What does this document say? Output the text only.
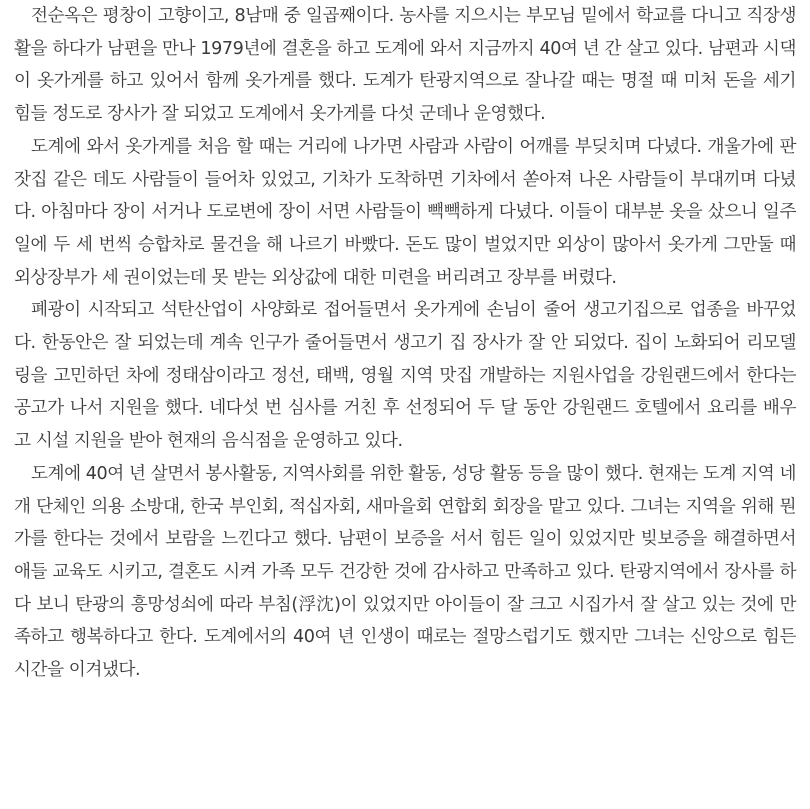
전순옥은 평창이 고향이고, 8남매 중 일곱째이다. 농사를 지으시는 부모님 밑에서 학교를 다니고 직장생활을 하다가 남편을 만나 1979년에 결혼을 하고 도계에 와서 지금까지 40여 년 간 살고 있다. 남편과 시댁이 옷가게를 하고 있어서 함께 옷가게를 했다. 도계가 탄광지역으로 잘나갈 때는 명절 때 미처 돈을 세기 힘들 정도로 장사가 잘 되었고 도계에서 옷가게를 다섯 군데나 운영했다.

도계에 와서 옷가게를 처음 할 때는 거리에 나가면 사람과 사람이 어깨를 부딪치며 다녔다. 개울가에 판잣집 같은 데도 사람들이 들어차 있었고, 기차가 도착하면 기차에서 쏟아져 나온 사람들이 부대끼며 다녔다. 아침마다 장이 서거나 도로변에 장이 서면 사람들이 빽빽하게 다녔다. 이들이 대부분 옷을 샀으니 일주일에 두 세 번씩 승합차로 물건을 해 나르기 바빴다. 돈도 많이 벌었지만 외상이 많아서 옷가게 그만둘 때 외상장부가 세 권이었는데 못 받는 외상값에 대한 미련을 버리려고 장부를 버렸다.

폐광이 시작되고 석탄산업이 사양화로 접어들면서 옷가게에 손님이 줄어 생고기집으로 업종을 바꾸었다. 한동안은 잘 되었는데 계속 인구가 줄어들면서 생고기 집 장사가 잘 안 되었다. 집이 노화되어 리모델링을 고민하던 차에 정태삼이라고 정선, 태백, 영월 지역 맛집 개발하는 지원사업을 강원랜드에서 한다는 공고가 나서 지원을 했다. 네다섯 번 심사를 거친 후 선정되어 두 달 동안 강원랜드 호텔에서 요리를 배우고 시설 지원을 받아 현재의 음식점을 운영하고 있다.

도계에 40여 년 살면서 봉사활동, 지역사회를 위한 활동, 성당 활동 등을 많이 했다. 현재는 도계 지역 네 개 단체인 의용 소방대, 한국 부인회, 적십자회, 새마을회 연합회 회장을 맡고 있다. 그녀는 지역을 위해 뭔가를 한다는 것에서 보람을 느낀다고 했다. 남편이 보증을 서서 힘든 일이 있었지만 빚보증을 해결하면서 애들 교육도 시키고, 결혼도 시켜 가족 모두 건강한 것에 감사하고 만족하고 있다. 탄광지역에서 장사를 하다 보니 탄광의 흥망성쇠에 따라 부침(浮沈)이 있었지만 아이들이 잘 크고 시집가서 잘 살고 있는 것에 만족하고 행복하다고 한다. 도계에서의 40여 년 인생이 때로는 절망스럽기도 했지만 그녀는 신앙으로 힘든 시간을 이겨냈다.
